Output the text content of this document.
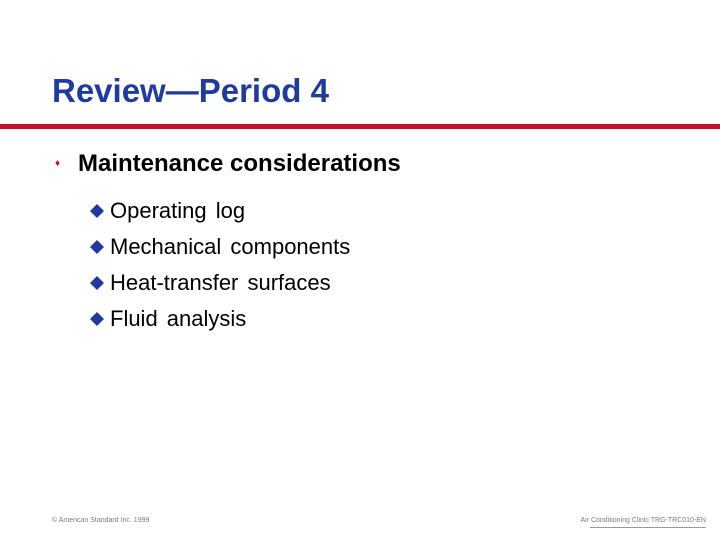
Review—Period 4
♦ Maintenance considerations
Operating log
Mechanical components
Heat-transfer surfaces
Fluid analysis
© American Standard Inc. 1999	Air Conditioning Clinic TRG-TRC010-EN
